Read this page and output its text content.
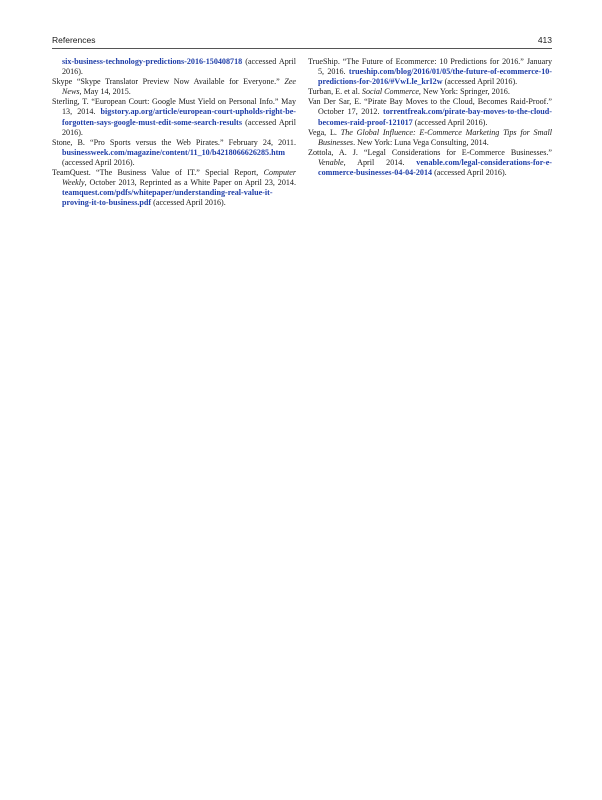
References	413

six-business-technology-predictions-2016-150408718 (accessed April 2016).

Skype “Skype Translator Preview Now Available for Everyone.” Zee News, May 14, 2015.

Sterling, T. “European Court: Google Must Yield on Personal Info.” May 13, 2014. bigstory.ap.org/article/european-court-upholds-right-be-forgotten-says-google-must-edit-some-search-results (accessed April 2016).

Stone, B. “Pro Sports versus the Web Pirates.” February 24, 2011. businessweek.com/magazine/content/11_10/b4218066626285.htm (accessed April 2016).

TeamQuest. “The Business Value of IT.” Special Report, Computer Weekly, October 2013, Reprinted as a White Paper on April 23, 2014. teamquest.com/pdfs/whitepaper/understanding-real-value-it-proving-it-to-business.pdf (accessed April 2016).

TrueShip. “The Future of Ecommerce: 10 Predictions for 2016.” January 5, 2016. trueship.com/blog/2016/01/05/the-future-of-ecommerce-10-predictions-for-2016/#VwLle_krI2w (accessed April 2016).

Turban, E. et al. Social Commerce, New York: Springer, 2016.

Van Der Sar, E. “Pirate Bay Moves to the Cloud, Becomes Raid-Proof.” October 17, 2012. torrentfreak.com/pirate-bay-moves-to-the-cloud-becomes-raid-proof-121017 (accessed April 2016).

Vega, L. The Global Influence: E-Commerce Marketing Tips for Small Businesses. New York: Luna Vega Consulting, 2014.

Zottola, A. J. “Legal Considerations for E-Commerce Businesses.” Venable, April 2014. venable.com/legal-considerations-for-e-commerce-businesses-04-04-2014 (accessed April 2016).
